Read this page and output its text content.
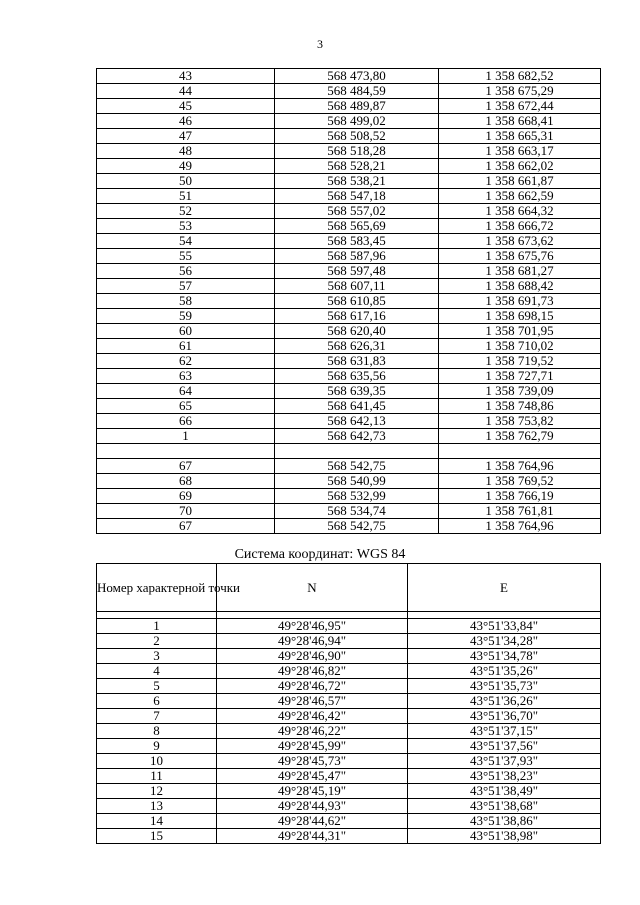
3
43	568 473,80	1 358 682,52
44	568 484,59	1 358 675,29
45	568 489,87	1 358 672,44
46	568 499,02	1 358 668,41
47	568 508,52	1 358 665,31
48	568 518,28	1 358 663,17
49	568 528,21	1 358 662,02
50	568 538,21	1 358 661,87
51	568 547,18	1 358 662,59
52	568 557,02	1 358 664,32
53	568 565,69	1 358 666,72
54	568 583,45	1 358 673,62
55	568 587,96	1 358 675,76
56	568 597,48	1 358 681,27
57	568 607,11	1 358 688,42
58	568 610,85	1 358 691,73
59	568 617,16	1 358 698,15
60	568 620,40	1 358 701,95
61	568 626,31	1 358 710,02
62	568 631,83	1 358 719,52
63	568 635,56	1 358 727,71
64	568 639,35	1 358 739,09
65	568 641,45	1 358 748,86
66	568 642,13	1 358 753,82
1	568 642,73	1 358 762,79

67	568 542,75	1 358 764,96
68	568 540,99	1 358 769,52
69	568 532,99	1 358 766,19
70	568 534,74	1 358 761,81
67	568 542,75	1 358 764,96
Система координат: WGS 84
Номер характерной точки	N	E

1	49°28'46,95"	43°51'33,84"
2	49°28'46,94"	43°51'34,28"
3	49°28'46,90"	43°51'34,78"
4	49°28'46,82"	43°51'35,26"
5	49°28'46,72"	43°51'35,73"
6	49°28'46,57"	43°51'36,26"
7	49°28'46,42"	43°51'36,70"
8	49°28'46,22"	43°51'37,15"
9	49°28'45,99"	43°51'37,56"
10	49°28'45,73"	43°51'37,93"
11	49°28'45,47"	43°51'38,23"
12	49°28'45,19"	43°51'38,49"
13	49°28'44,93"	43°51'38,68"
14	49°28'44,62"	43°51'38,86"
15	49°28'44,31"	43°51'38,98"
